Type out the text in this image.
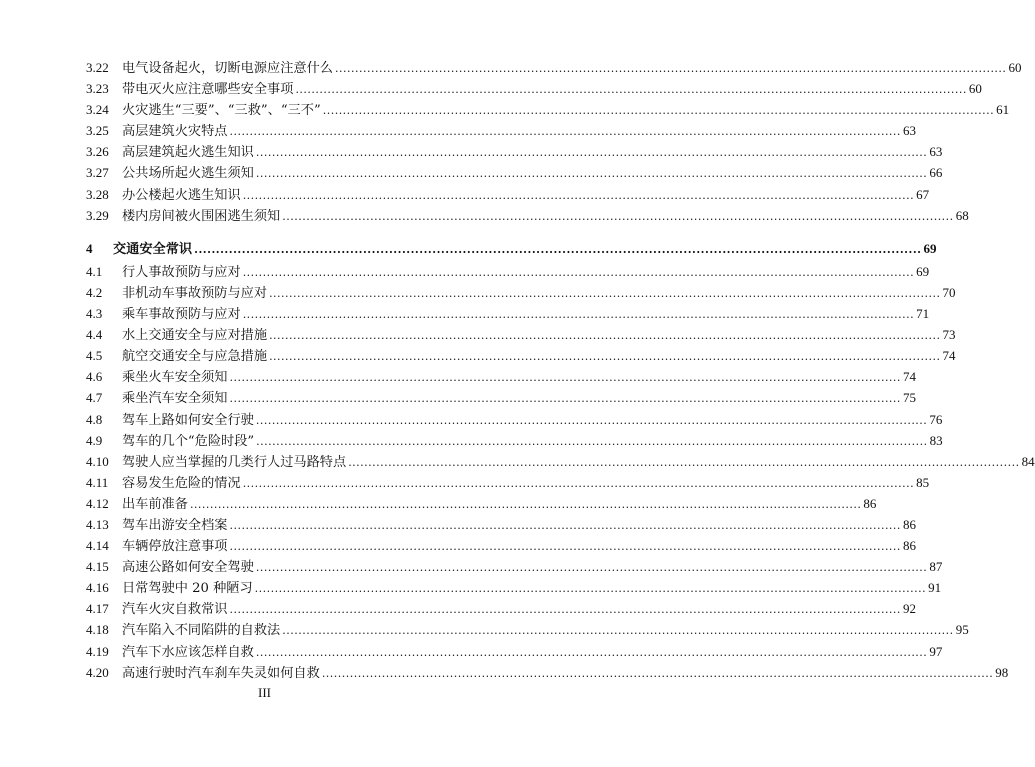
3.22	电气设备起火，切断电源应注意什么 .....	60
3.23	带电灭火应注意哪些安全事项 .....	60
3.24	火灾逃生“三要”、“三救”、“三不” .....	61
3.25	高层建筑火灾特点 .....	63
3.26	高层建筑起火逃生知识 .....	63
3.27	公共场所起火逃生须知 .....	66
3.28	办公楼起火逃生知识 .....	67
3.29	楼内房间被火围困逃生须知 .....	68
4	交通安全常识 .....	69
4.1	行人事故预防与应对 .....	69
4.2	非机动车事故预防与应对 .....	70
4.3	乘车事故预防与应对 .....	71
4.4	水上交通安全与应对措施 .....	73
4.5	航空交通安全与应急措施 .....	74
4.6	乘坐火车安全须知 .....	74
4.7	乘坐汽车安全须知 .....	75
4.8	驾车上路如何安全行驶 .....	76
4.9	驾车的几个“危险时段” .....	83
4.10	驾驶人应当掌握的几类行人过马路特点 .....	84
4.11	容易发生危险的情况 .....	85
4.12	出车前准备 .....	86
4.13	驾车出游安全档案 .....	86
4.14	车辆停放注意事项 .....	86
4.15	高速公路如何安全驾驶 .....	87
4.16	日常驾驶中 20 种陋习 .....	91
4.17	汽车火灾自救常识 .....	92
4.18	汽车陷入不同陷阱的自救法 .....	95
4.19	汽车下水应该怎样自救 .....	97
4.20	高速行驶时汽车刹车失灵如何自救 .....	98
III
